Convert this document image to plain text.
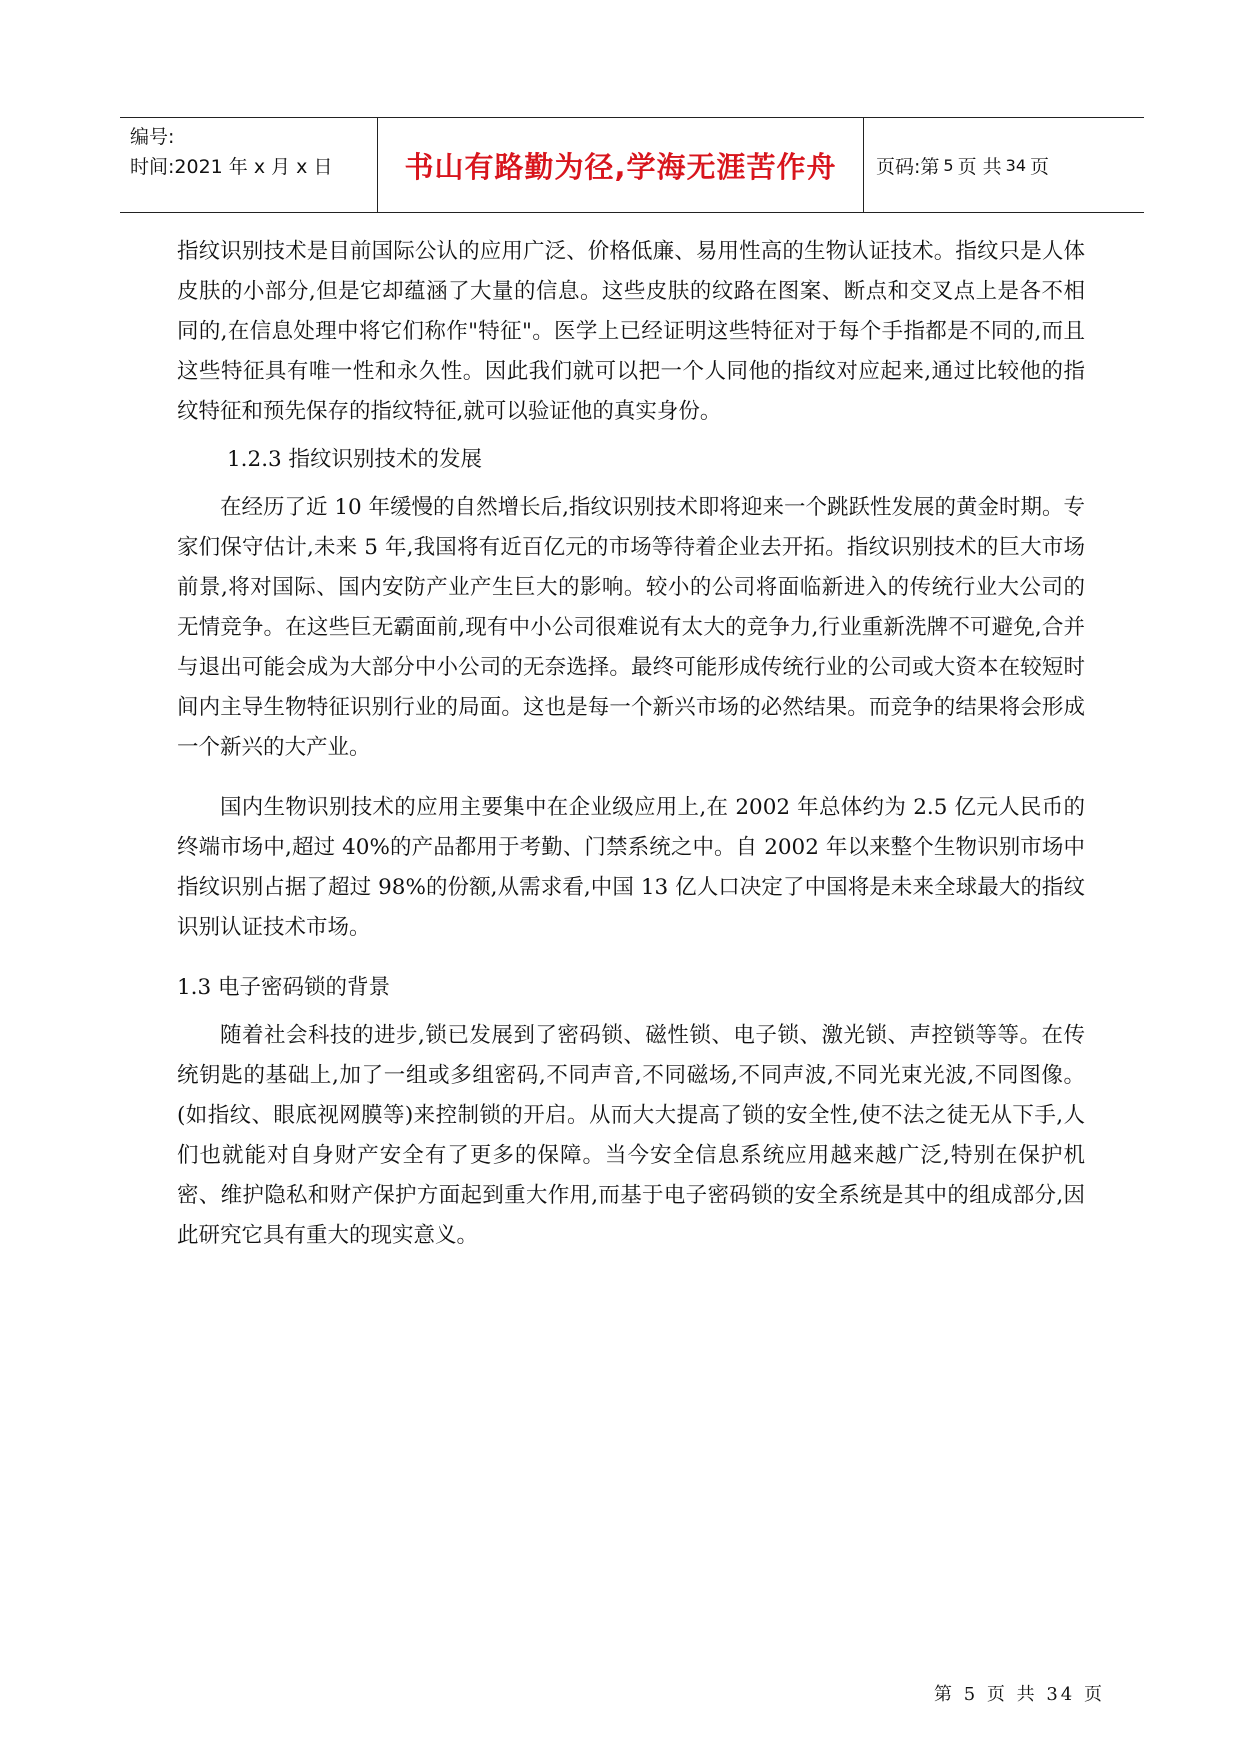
编号:
时间:2021 年 x 月 x 日	书山有路勤为径,学海无涯苦作舟 页码:第 5 页 共 34 页

指纹识别技术是目前国际公认的应用广泛、价格低廉、易用性高的生物认证技术。指纹只是人体皮肤的小部分,但是它却蕴涵了大量的信息。这些皮肤的纹路在图案、断点和交叉点上是各不相同的,在信息处理中将它们称作"特征"。医学上已经证明这些特征对于每个手指都是不同的,而且这些特征具有唯一性和永久性。因此我们就可以把一个人同他的指纹对应起来,通过比较他的指纹特征和预先保存的指纹特征,就可以验证他的真实身份。

1.2.3 指纹识别技术的发展

在经历了近 10 年缓慢的自然增长后,指纹识别技术即将迎来一个跳跃性发展的黄金时期。专家们保守估计,未来 5 年,我国将有近百亿元的市场等待着企业去开拓。指纹识别技术的巨大市场前景,将对国际、国内安防产业产生巨大的影响。较小的公司将面临新进入的传统行业大公司的无情竞争。在这些巨无霸面前,现有中小公司很难说有太大的竞争力,行业重新洗牌不可避免,合并与退出可能会成为大部分中小公司的无奈选择。最终可能形成传统行业的公司或大资本在较短时间内主导生物特征识别行业的局面。这也是每一个新兴市场的必然结果。而竞争的结果将会形成一个新兴的大产业。

国内生物识别技术的应用主要集中在企业级应用上,在 2002 年总体约为 2.5 亿元人民币的终端市场中,超过 40%的产品都用于考勤、门禁系统之中。自 2002 年以来整个生物识别市场中指纹识别占据了超过 98%的份额,从需求看,中国 13 亿人口决定了中国将是未来全球最大的指纹识别认证技术市场。

1.3 电子密码锁的背景

随着社会科技的进步,锁已发展到了密码锁、磁性锁、电子锁、激光锁、声控锁等等。在传统钥匙的基础上,加了一组或多组密码,不同声音,不同磁场,不同声波,不同光束光波,不同图像。(如指纹、眼底视网膜等)来控制锁的开启。从而大大提高了锁的安全性,使不法之徒无从下手,人们也就能对自身财产安全有了更多的保障。当今安全信息系统应用越来越广泛,特别在保护机密、维护隐私和财产保护方面起到重大作用,而基于电子密码锁的安全系统是其中的组成部分,因此研究它具有重大的现实意义。

第 5 页 共 34 页
